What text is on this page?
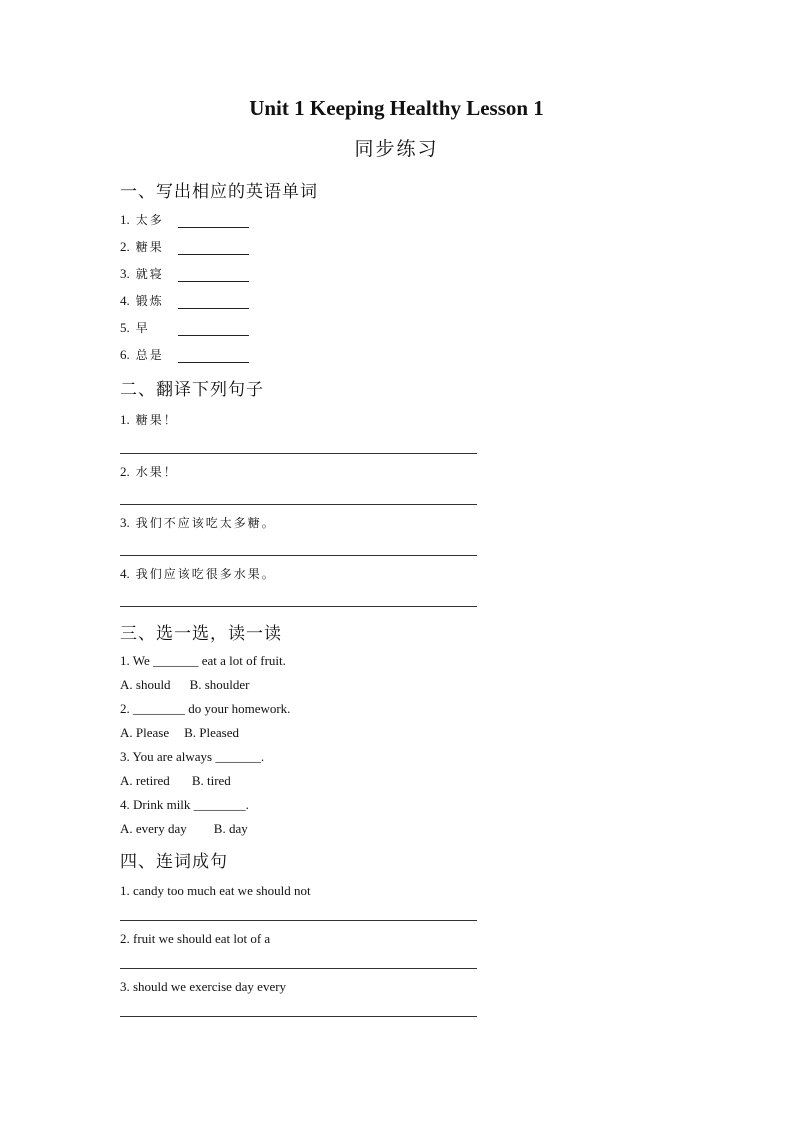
Unit 1 Keeping Healthy Lesson 1
同步练习
一、写出相应的英语单词
1. 太多
2. 糖果
3. 就寝
4. 锻炼
5. 早
6. 总是
二、翻译下列句子
1. 糖果！
2. 水果！
3. 我们不应该吃太多糖。
4. 我们应该吃很多水果。
三、选一选，读一读
1. We _______ eat a lot of fruit.
A. should B. shoulder
2. ________ do your homework.
A. Please B. Pleased
3. You are always _______.
A. retired B. tired
4. Drink milk ________.
A. every day B. day
四、连词成句
1. candy too much eat we should not
2. fruit we should eat lot of a
3. should we exercise day every
